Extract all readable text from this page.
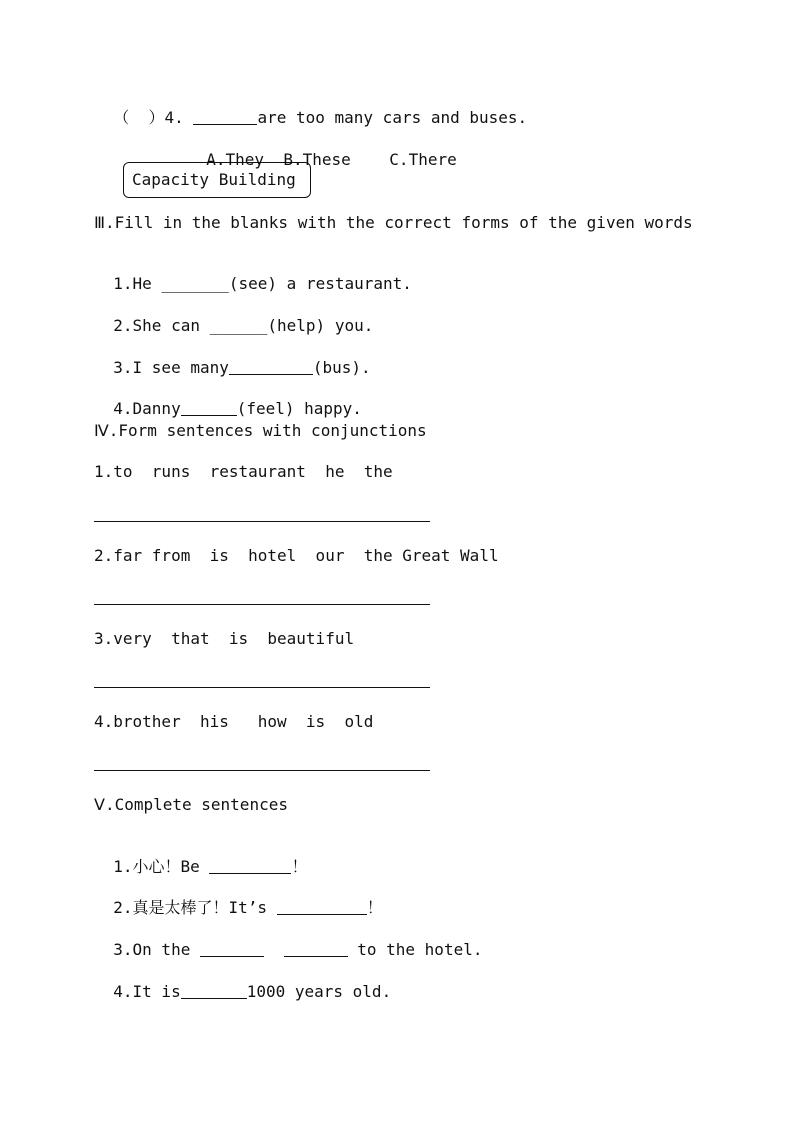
（  ）4.	are too many cars and buses.

A.They B.These C.There

Capacity Building
Ⅲ.Fill in the blanks with the correct forms of the given words

1.He _______(see) a restaurant.

2.She can ______(help) you.

3.I see many	(bus).

4.Danny	(feel) happy.

Ⅳ.Form sentences with conjunctions
1.to  runs  restaurant  he  the
2.far from  is  hotel  our  the Great Wall
3.very  that  is  beautiful
4.brother  his   how  is  old
Ⅴ.Complete sentences

1.小心！Be	！

2.真是太棒了！It’s	！

3.On the	to the hotel.

4.It is	1000 years old.
